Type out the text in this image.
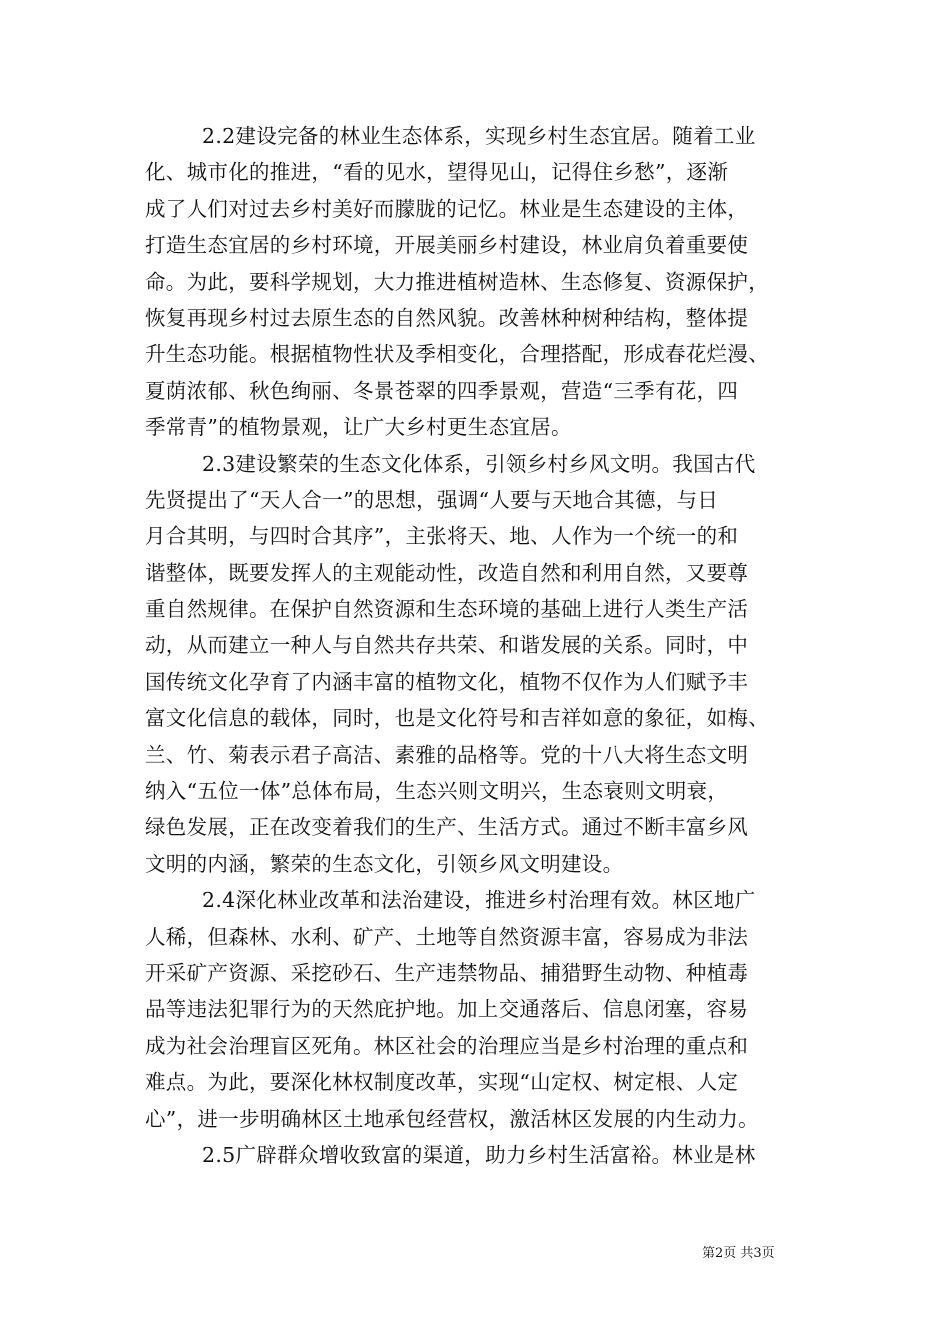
2.2建设完备的林业生态体系，实现乡村生态宜居。随着工业
化、城市化的推进，“看的见水，望得见山，记得住乡愁”，逐渐
成了人们对过去乡村美好而朦胧的记忆。林业是生态建设的主体，
打造生态宜居的乡村环境，开展美丽乡村建设，林业肩负着重要使
命。为此，要科学规划，大力推进植树造林、生态修复、资源保护，
恢复再现乡村过去原生态的自然风貌。改善林种树种结构，整体提
升生态功能。根据植物性状及季相变化，合理搭配，形成春花烂漫、
夏荫浓郁、秋色绚丽、冬景苍翠的四季景观，营造“三季有花，四
季常青”的植物景观，让广大乡村更生态宜居。
2.3建设繁荣的生态文化体系，引领乡村乡风文明。我国古代
先贤提出了“天人合一”的思想，强调“人要与天地合其德，与日
月合其明，与四时合其序”，主张将天、地、人作为一个统一的和
谐整体，既要发挥人的主观能动性，改造自然和利用自然，又要尊
重自然规律。在保护自然资源和生态环境的基础上进行人类生产活
动，从而建立一种人与自然共存共荣、和谐发展的关系。同时，中
国传统文化孕育了内涵丰富的植物文化，植物不仅作为人们赋予丰
富文化信息的载体，同时，也是文化符号和吉祥如意的象征，如梅、
兰、竹、菊表示君子高洁、素雅的品格等。党的十八大将生态文明
纳入“五位一体”总体布局，生态兴则文明兴，生态衰则文明衰，
绿色发展，正在改变着我们的生产、生活方式。通过不断丰富乡风
文明的内涵，繁荣的生态文化，引领乡风文明建设。
2.4深化林业改革和法治建设，推进乡村治理有效。林区地广
人稀，但森林、水利、矿产、土地等自然资源丰富，容易成为非法
开采矿产资源、采挖砂石、生产违禁物品、捕猎野生动物、种植毒
品等违法犯罪行为的天然庇护地。加上交通落后、信息闭塞，容易
成为社会治理盲区死角。林区社会的治理应当是乡村治理的重点和
难点。为此，要深化林权制度改革，实现“山定权、树定根、人定
心”，进一步明确林区土地承包经营权，激活林区发展的内生动力。
2.5广辟群众增收致富的渠道，助力乡村生活富裕。林业是林
第2页 共3页
